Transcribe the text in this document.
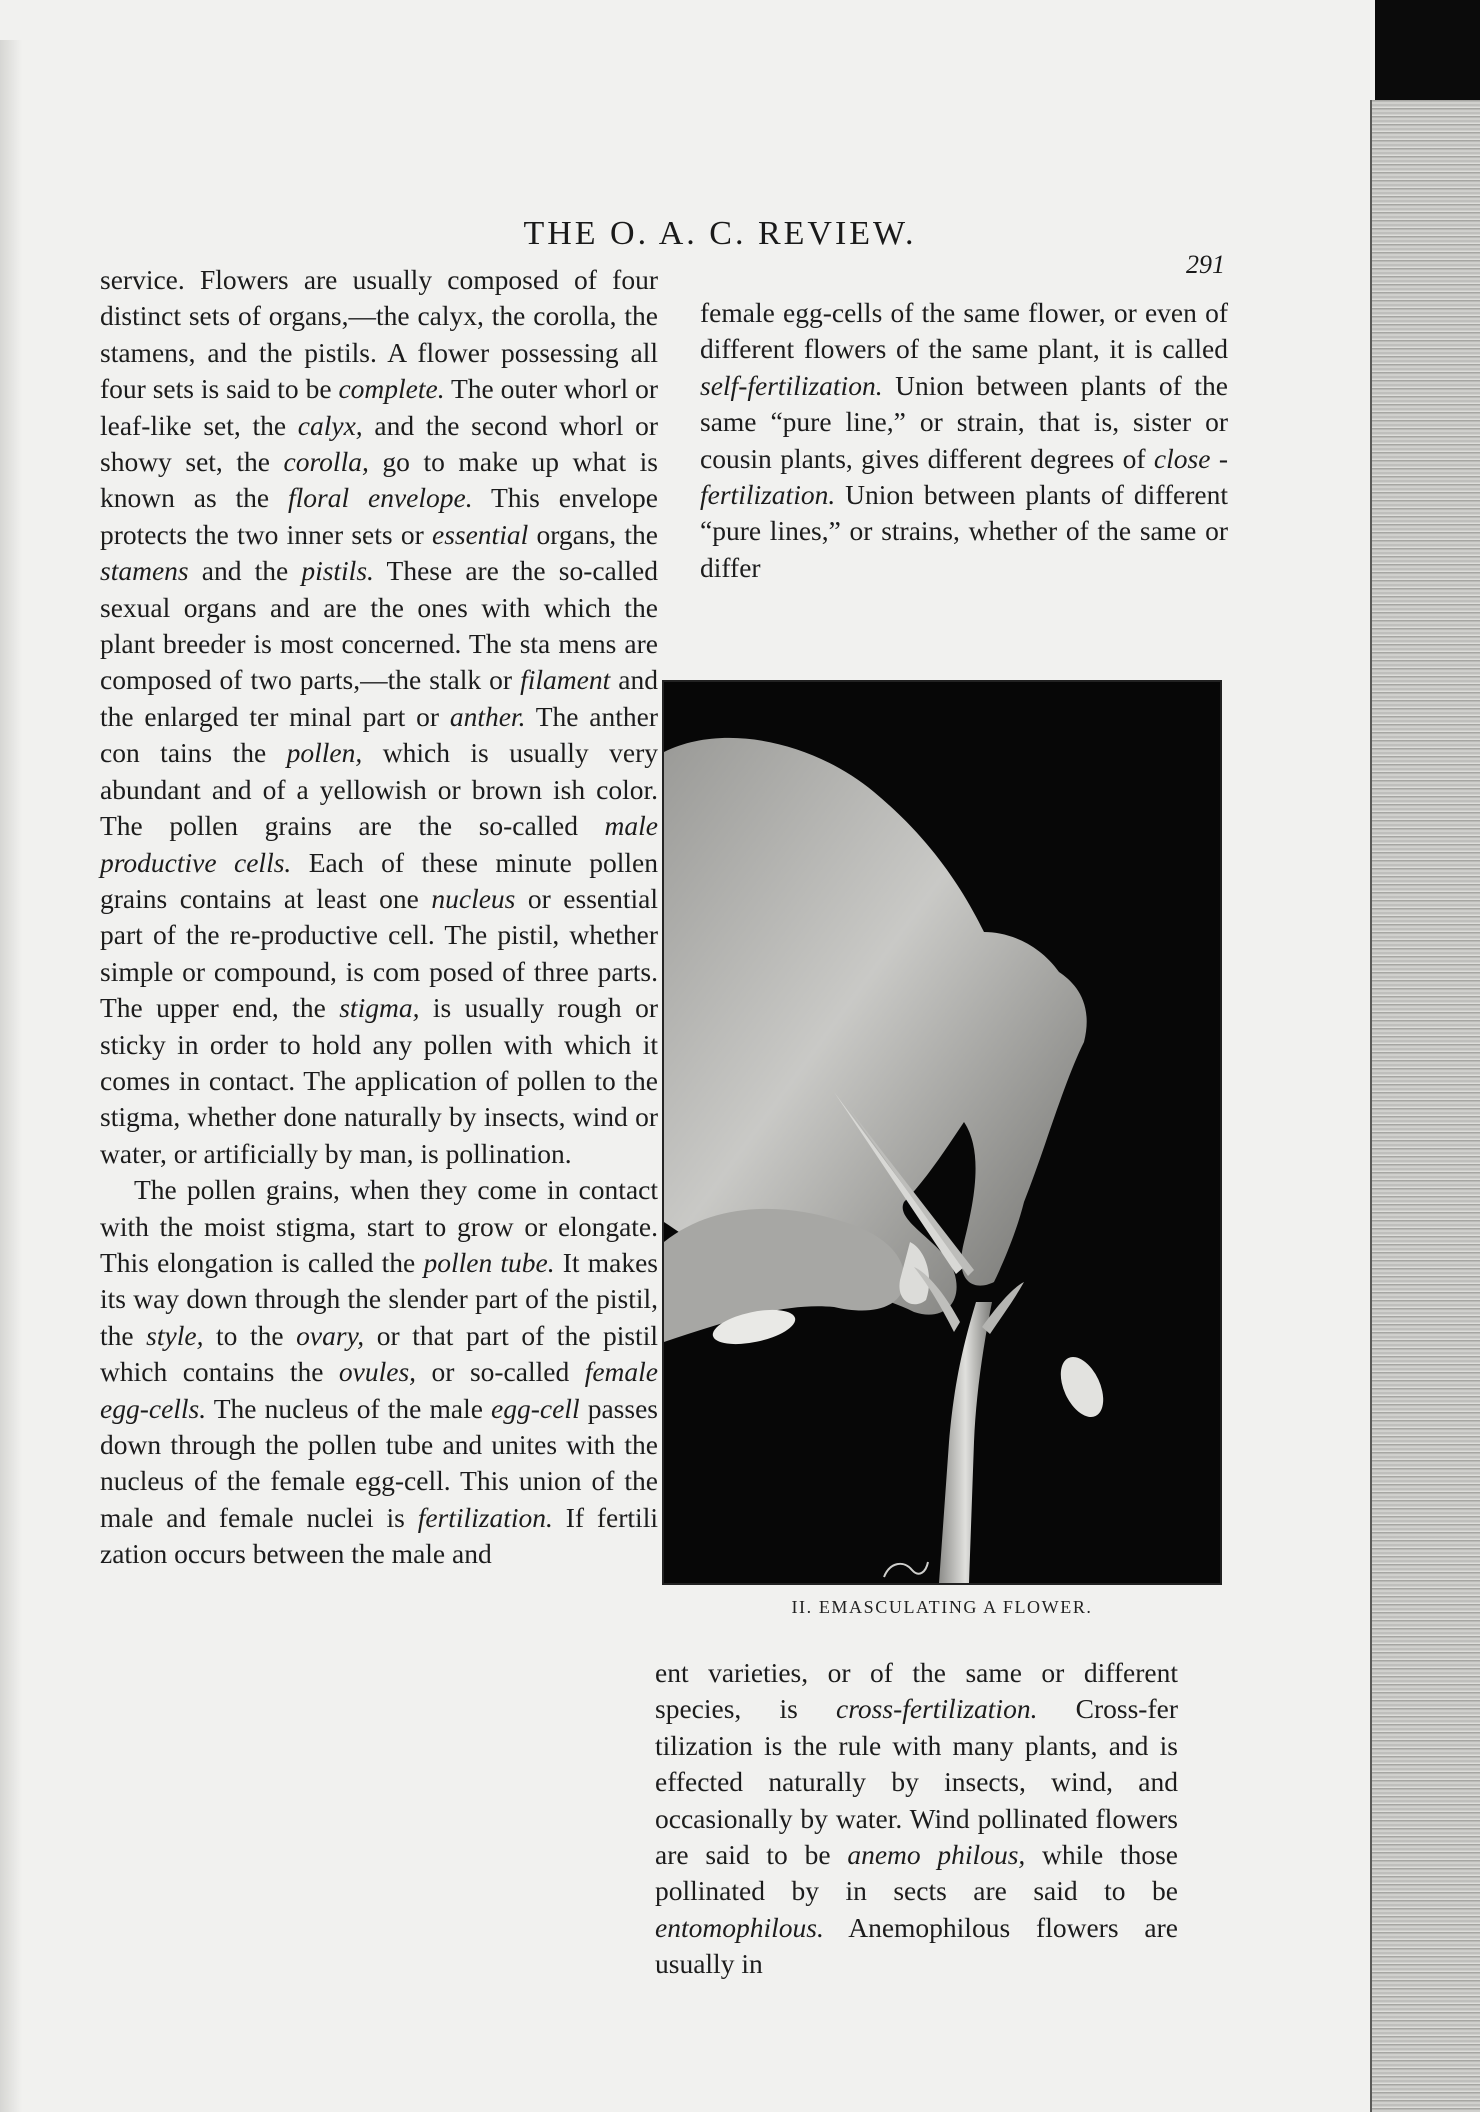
THE O. A. C. REVIEW.
291

service. Flowers are usually composed of four distinct sets of organs,—the calyx, the corolla, the stamens, and the pistils. A flower possessing all four sets is said to be complete. The outer whorl or leaf-like set, the calyx, and the second whorl or showy set, the corolla, go to make up what is known as the floral envelope. This envelope protects the two inner sets or essential organs, the stamens and the pistils. These are the so-called sexual organs and are the ones with which the plant breeder is most concerned. The sta mens are composed of two parts,—the stalk or filament and the enlarged ter minal part or anther. The anther con tains the pollen, which is usually very abundant and of a yellowish or brown ish color. The pollen grains are the so-called male productive cells. Each of these minute pollen grains contains at least one nucleus or essential part of the re-productive cell. The pistil, whether simple or compound, is com posed of three parts. The upper end, the stigma, is usually rough or sticky in order to hold any pollen with which it comes in contact. The application of pollen to the stigma, whether done naturally by insects, wind or water, or artificially by man, is pollination.

The pollen grains, when they come in contact with the moist stigma, start to grow or elongate. This elongation is called the pollen tube. It makes its way down through the slender part of the pistil, the style, to the ovary, or that part of the pistil which contains the ovules, or so-called female egg-cells. The nucleus of the male egg-cell passes down through the pollen tube and unites with the nucleus of the female egg-cell. This union of the male and female nuclei is fertilization. If fertili zation occurs between the male and

female egg-cells of the same flower, or even of different flowers of the same plant, it is called self-fertilization. Union between plants of the same “pure line,” or strain, that is, sister or cousin plants, gives different degrees of close - fertilization. Union between plants of different “pure lines,” or strains, whether of the same or differ

II. EMASCULATING A FLOWER.

ent varieties, or of the same or different species, is cross-fertilization. Cross-fer tilization is the rule with many plants, and is effected naturally by insects, wind, and occasionally by water. Wind pollinated flowers are said to be anemo philous, while those pollinated by in sects are said to be entomophilous. Anemophilous flowers are usually in
